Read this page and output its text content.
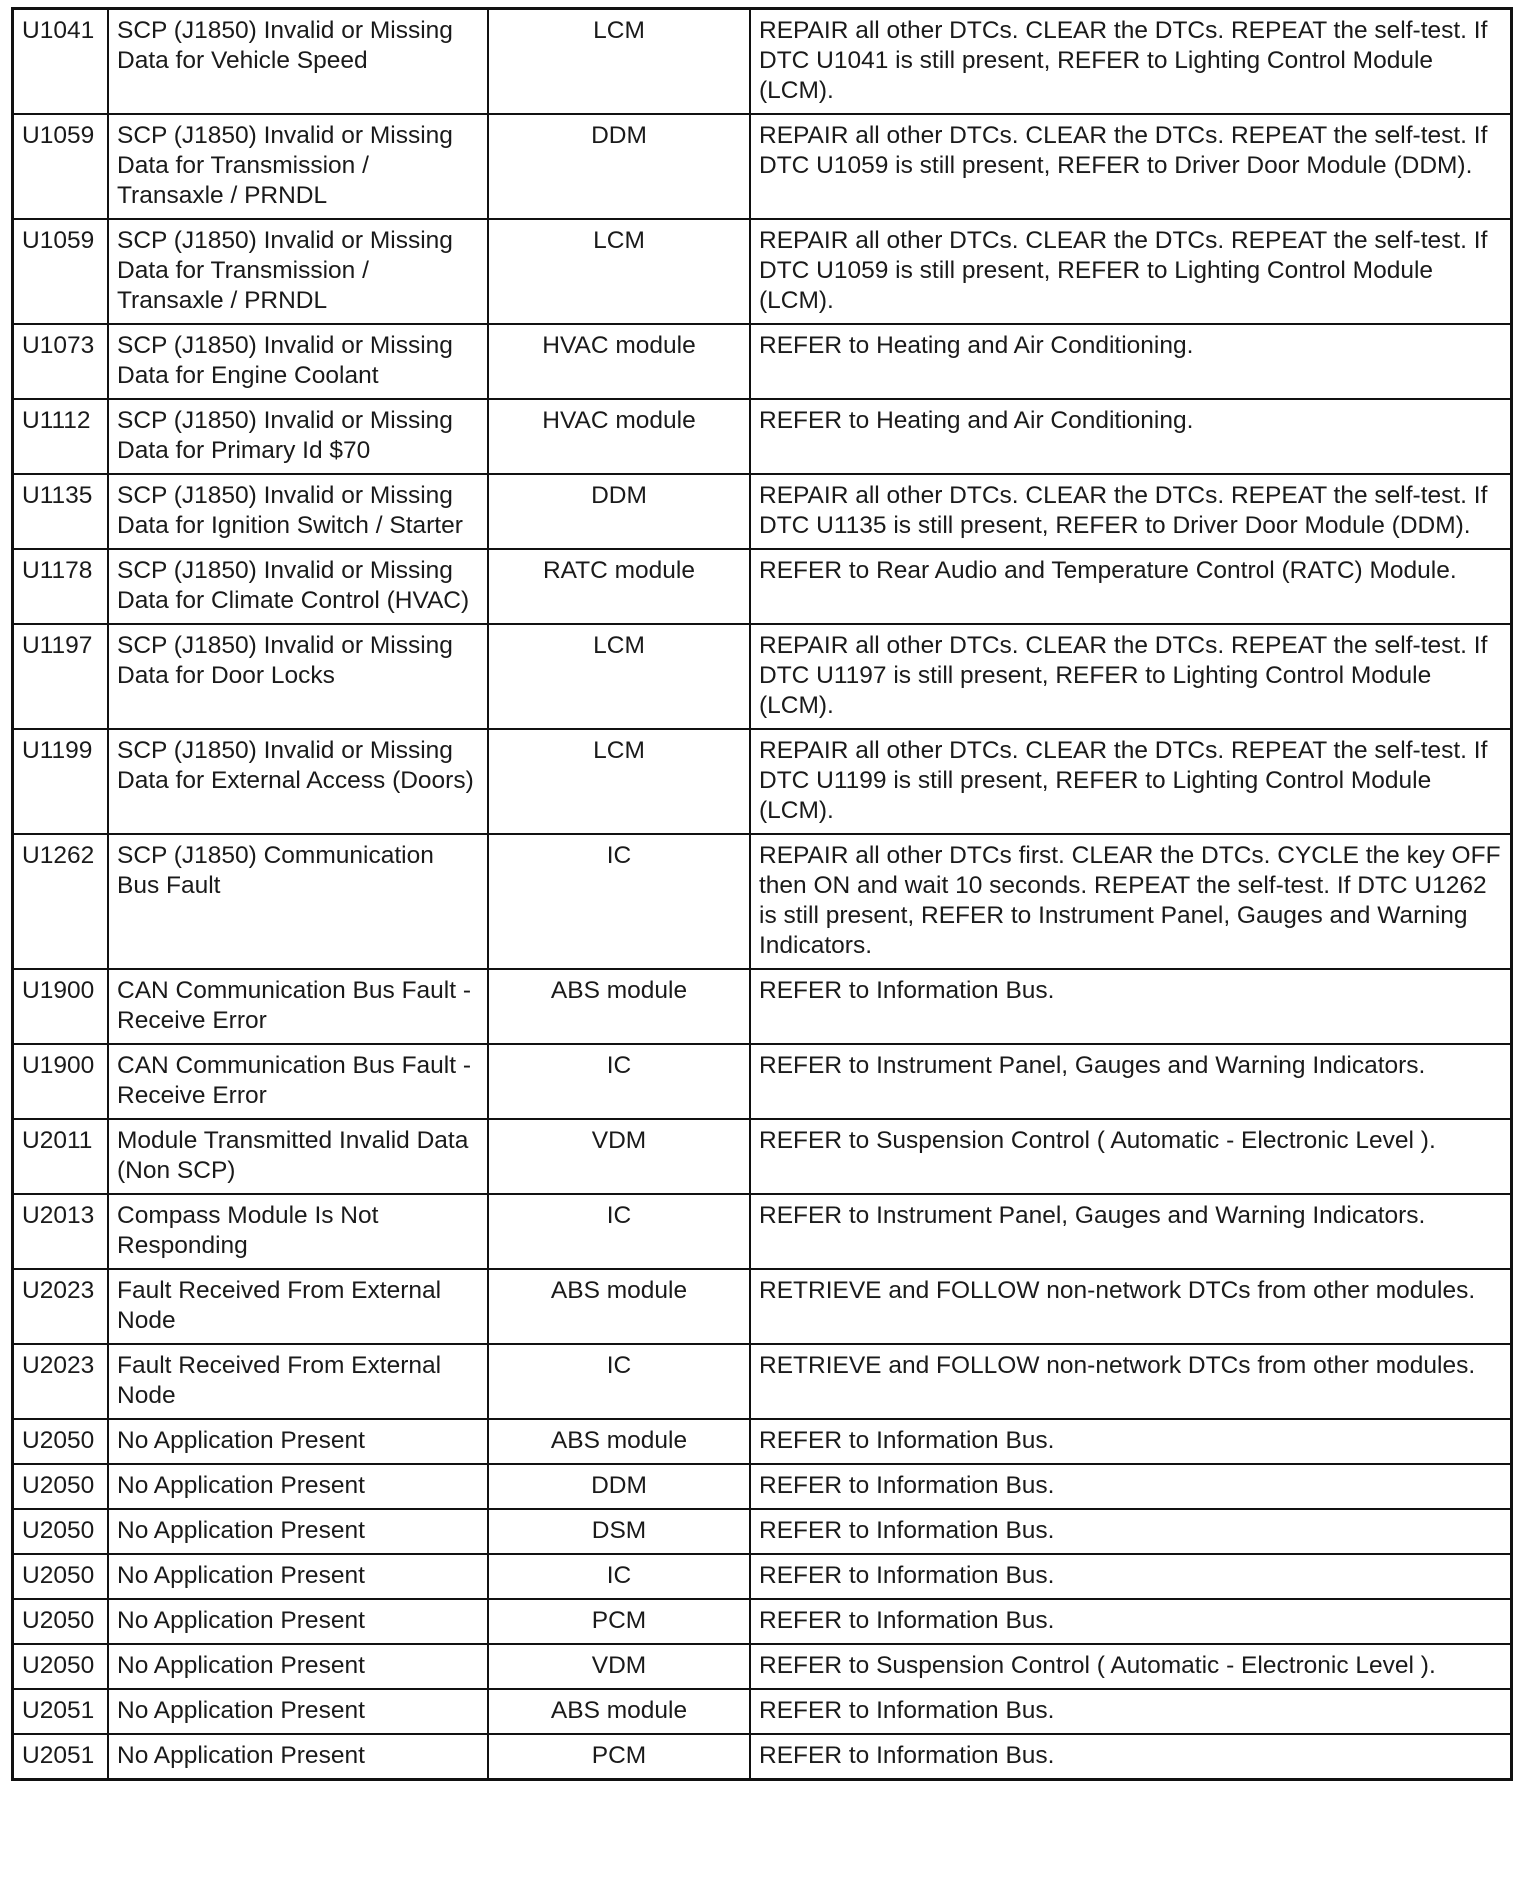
U1041	SCP (J1850) Invalid or Missing Data for Vehicle Speed	LCM	REPAIR all other DTCs. CLEAR the DTCs. REPEAT the self-test. If DTC U1041 is still present, REFER to Lighting Control Module (LCM).
U1059	SCP (J1850) Invalid or Missing Data for Transmission / Transaxle / PRNDL	DDM	REPAIR all other DTCs. CLEAR the DTCs. REPEAT the self-test. If DTC U1059 is still present, REFER to Driver Door Module (DDM).
U1059	SCP (J1850) Invalid or Missing Data for Transmission / Transaxle / PRNDL	LCM	REPAIR all other DTCs. CLEAR the DTCs. REPEAT the self-test. If DTC U1059 is still present, REFER to Lighting Control Module (LCM).
U1073	SCP (J1850) Invalid or Missing Data for Engine Coolant	HVAC module	REFER to Heating and Air Conditioning.
U1112	SCP (J1850) Invalid or Missing Data for Primary Id $70	HVAC module	REFER to Heating and Air Conditioning.
U1135	SCP (J1850) Invalid or Missing Data for Ignition Switch / Starter	DDM	REPAIR all other DTCs. CLEAR the DTCs. REPEAT the self-test. If DTC U1135 is still present, REFER to Driver Door Module (DDM).
U1178	SCP (J1850) Invalid or Missing Data for Climate Control (HVAC)	RATC module	REFER to Rear Audio and Temperature Control (RATC) Module.
U1197	SCP (J1850) Invalid or Missing Data for Door Locks	LCM	REPAIR all other DTCs. CLEAR the DTCs. REPEAT the self-test. If DTC U1197 is still present, REFER to Lighting Control Module (LCM).
U1199	SCP (J1850) Invalid or Missing Data for External Access (Doors)	LCM	REPAIR all other DTCs. CLEAR the DTCs. REPEAT the self-test. If DTC U1199 is still present, REFER to Lighting Control Module (LCM).
U1262	SCP (J1850) Communication Bus Fault	IC	REPAIR all other DTCs first. CLEAR the DTCs. CYCLE the key OFF then ON and wait 10 seconds. REPEAT the self-test. If DTC U1262 is still present, REFER to Instrument Panel, Gauges and Warning Indicators.
U1900	CAN Communication Bus Fault - Receive Error	ABS module	REFER to Information Bus.
U1900	CAN Communication Bus Fault - Receive Error	IC	REFER to Instrument Panel, Gauges and Warning Indicators.
U2011	Module Transmitted Invalid Data (Non SCP)	VDM	REFER to Suspension Control ( Automatic - Electronic Level ).
U2013	Compass Module Is Not Responding	IC	REFER to Instrument Panel, Gauges and Warning Indicators.
U2023	Fault Received From External Node	ABS module	RETRIEVE and FOLLOW non-network DTCs from other modules.
U2023	Fault Received From External Node	IC	RETRIEVE and FOLLOW non-network DTCs from other modules.
U2050	No Application Present	ABS module	REFER to Information Bus.
U2050	No Application Present	DDM	REFER to Information Bus.
U2050	No Application Present	DSM	REFER to Information Bus.
U2050	No Application Present	IC	REFER to Information Bus.
U2050	No Application Present	PCM	REFER to Information Bus.
U2050	No Application Present	VDM	REFER to Suspension Control ( Automatic - Electronic Level ).
U2051	No Application Present	ABS module	REFER to Information Bus.
U2051	No Application Present	PCM	REFER to Information Bus.
